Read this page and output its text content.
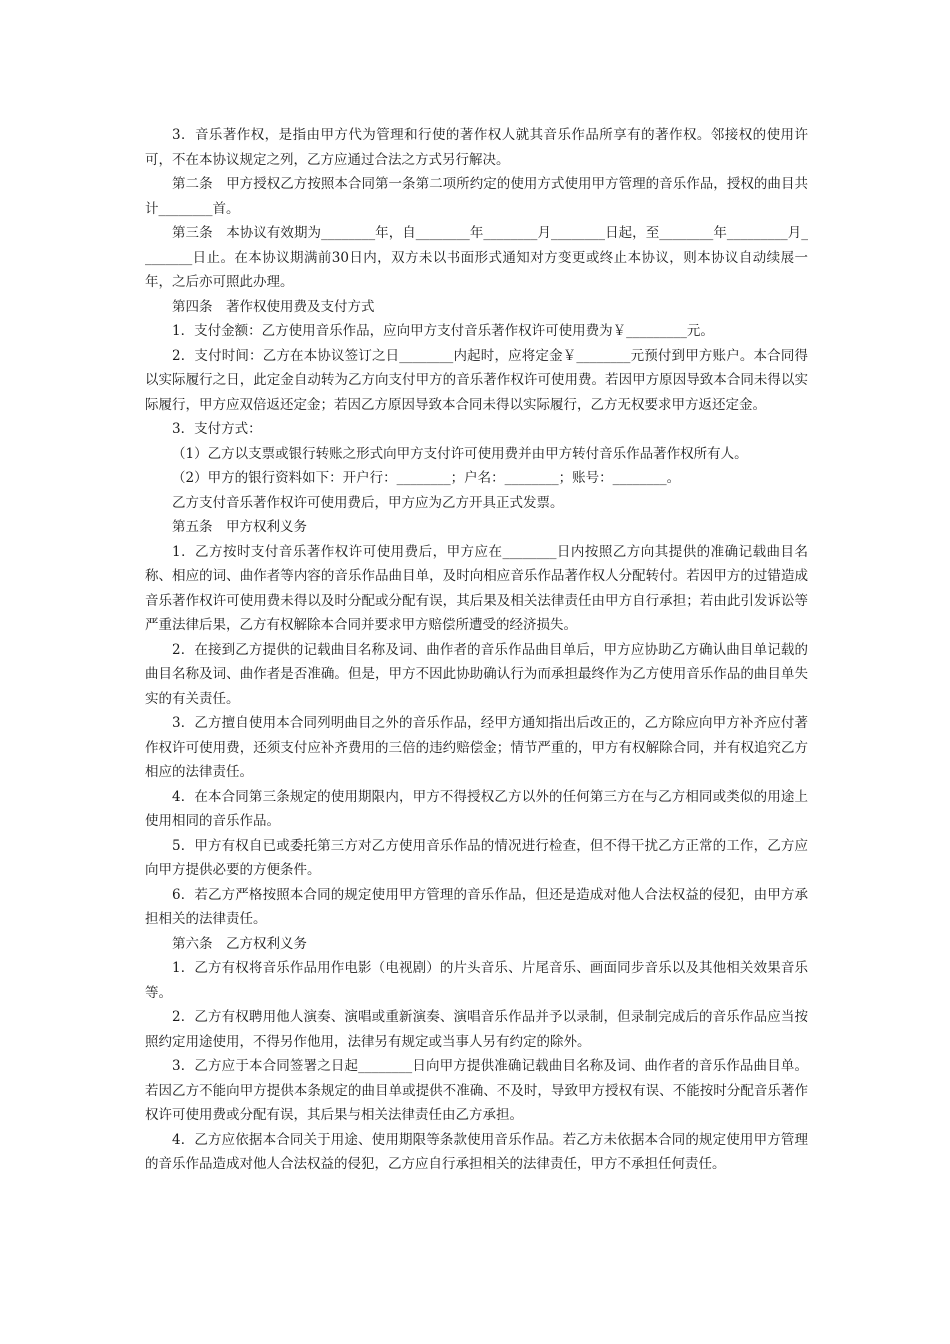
3．音乐著作权，是指由甲方代为管理和行使的著作权人就其音乐作品所享有的著作权。邻接权的使用许可，不在本协议规定之列，乙方应通过合法之方式另行解决。

第二条　甲方授权乙方按照本合同第一条第二项所约定的使用方式使用甲方管理的音乐作品，授权的曲目共计________首。

第三条　本协议有效期为________年，自________年________月________日起，至________年_________月________日止。在本协议期满前30日内，双方未以书面形式通知对方变更或终止本协议，则本协议自动续展一年，之后亦可照此办理。

第四条　著作权使用费及支付方式

1．支付金额：乙方使用音乐作品，应向甲方支付音乐著作权许可使用费为￥_________元。

2．支付时间：乙方在本协议签订之日________内起时，应将定金￥________元预付到甲方账户。本合同得以实际履行之日，此定金自动转为乙方向支付甲方的音乐著作权许可使用费。若因甲方原因导致本合同未得以实际履行，甲方应双倍返还定金；若因乙方原因导致本合同未得以实际履行，乙方无权要求甲方返还定金。

3．支付方式：

（1）乙方以支票或银行转账之形式向甲方支付许可使用费并由甲方转付音乐作品著作权所有人。

（2）甲方的银行资料如下：开户行：________；户名：________；账号：________。

乙方支付音乐著作权许可使用费后，甲方应为乙方开具正式发票。

第五条　甲方权利义务

1．乙方按时支付音乐著作权许可使用费后，甲方应在________日内按照乙方向其提供的准确记载曲目名称、相应的词、曲作者等内容的音乐作品曲目单，及时向相应音乐作品著作权人分配转付。若因甲方的过错造成音乐著作权许可使用费未得以及时分配或分配有误，其后果及相关法律责任由甲方自行承担；若由此引发诉讼等严重法律后果，乙方有权解除本合同并要求甲方赔偿所遭受的经济损失。

2．在接到乙方提供的记载曲目名称及词、曲作者的音乐作品曲目单后，甲方应协助乙方确认曲目单记载的曲目名称及词、曲作者是否准确。但是，甲方不因此协助确认行为而承担最终作为乙方使用音乐作品的曲目单失实的有关责任。

3．乙方擅自使用本合同列明曲目之外的音乐作品，经甲方通知指出后改正的，乙方除应向甲方补齐应付著作权许可使用费，还须支付应补齐费用的三倍的违约赔偿金；情节严重的，甲方有权解除合同，并有权追究乙方相应的法律责任。

4．在本合同第三条规定的使用期限内，甲方不得授权乙方以外的任何第三方在与乙方相同或类似的用途上使用相同的音乐作品。

5．甲方有权自已或委托第三方对乙方使用音乐作品的情况进行检查，但不得干扰乙方正常的工作，乙方应向甲方提供必要的方便条件。

6．若乙方严格按照本合同的规定使用甲方管理的音乐作品，但还是造成对他人合法权益的侵犯，由甲方承担相关的法律责任。

第六条　乙方权利义务

1．乙方有权将音乐作品用作电影（电视剧）的片头音乐、片尾音乐、画面同步音乐以及其他相关效果音乐等。

2．乙方有权聘用他人演奏、演唱或重新演奏、演唱音乐作品并予以录制，但录制完成后的音乐作品应当按照约定用途使用，不得另作他用，法律另有规定或当事人另有约定的除外。

3．乙方应于本合同签署之日起________日向甲方提供准确记载曲目名称及词、曲作者的音乐作品曲目单。若因乙方不能向甲方提供本条规定的曲目单或提供不准确、不及时，导致甲方授权有误、不能按时分配音乐著作权许可使用费或分配有误，其后果与相关法律责任由乙方承担。

4．乙方应依据本合同关于用途、使用期限等条款使用音乐作品。若乙方未依据本合同的规定使用甲方管理的音乐作品造成对他人合法权益的侵犯，乙方应自行承担相关的法律责任，甲方不承担任何责任。
